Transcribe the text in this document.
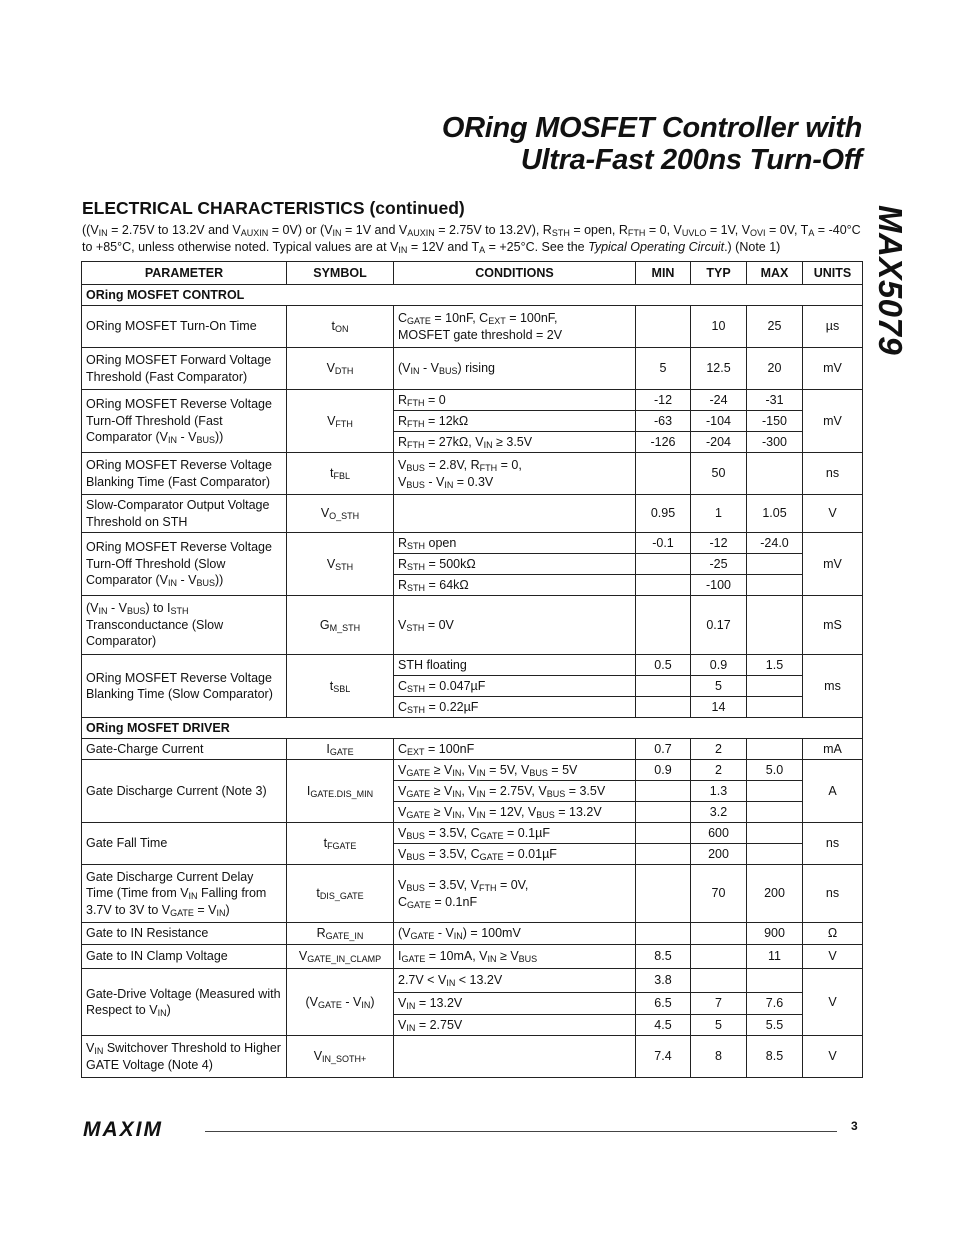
ORing MOSFET Controller with
Ultra-Fast 200ns Turn-Off
MAX5079
ELECTRICAL CHARACTERISTICS (continued)
(($V_{IN} = 2.75V$ to 13.2V and $V_{AUXIN} = 0V$) or ($V_{IN} = 1V$ and $V_{AUXIN} = 2.75V$ to 13.2V), $R_{STH}$ = open, $R_{FTH} = 0$, $V_{UVLO} = 1V$, $V_{OVI} = 0V$, $T_A = -40^\circ C$ to +85°C, unless otherwise noted. Typical values are at $V_{IN} = 12V$ and $T_A = +25^\circ C$. See the Typical Operating Circuit.) (Note 1)
PARAMETER	SYMBOL	CONDITIONS	MIN	TYP	MAX	UNITS
ORing MOSFET CONTROL						
ORing MOSFET Turn-On Time	$t_{ON}$	$C_{GATE} = 10nF$, $C_{EXT} = 100nF$,
MOSFET gate threshold = 2V		10	25	µs
ORing MOSFET Forward Voltage Threshold (Fast Comparator)	$V_{DTH}$	$(V_{IN} - V_{BUS})$ rising	5	12.5	20	mV
ORing MOSFET Reverse Voltage Turn-Off Threshold (Fast Comparator $(V_{IN} - V_{BUS})$)	$V_{FTH}$	$R_{FTH} = 0$	-12	-24	-31	mV
		$R_{FTH} = 12k\Omega$	-63	-104	-150	
		$R_{FTH} = 27k\Omega$, $V_{IN} \ge 3.5V$	-126	-204	-300	
ORing MOSFET Reverse Voltage Blanking Time (Fast Comparator)	$t_{FBL}$	$V_{BUS} = 2.8V$, $R_{FTH} = 0$,
$V_{BUS} - V_{IN} = 0.3V$		50		ns
Slow-Comparator Output Voltage Threshold on STH	$V_{O\_STH}$		0.95	1	1.05	V
ORing MOSFET Reverse Voltage Turn-Off Threshold (Slow Comparator $(V_{IN} - V_{BUS})$)	$V_{STH}$	$R_{STH}$ open	-0.1	-12	-24.0	mV
		$R_{STH} = 500k\Omega$		-25		
		$R_{STH} = 64k\Omega$		-100		
$(V_{IN} - V_{BUS})$ to $I_{STH}$ Transconductance (Slow Comparator)	$G_{M\_STH}$	$V_{STH} = 0V$		0.17		mS
ORing MOSFET Reverse Voltage Blanking Time (Slow Comparator)	$t_{SBL}$	STH floating	0.5	0.9	1.5	ms
		$C_{STH} = 0.047\mu F$		5		
		$C_{STH} = 0.22\mu F$		14		
ORing MOSFET DRIVER						
Gate-Charge Current	$I_{GATE}$	$C_{EXT} = 100nF$	0.7	2		mA
Gate Discharge Current (Note 3)	$I_{GATE.DIS\_MIN}$	$V_{GATE} \ge V_{IN}$, $V_{IN} = 5V$, $V_{BUS} = 5V$	0.9	2	5.0	A
		$V_{GATE} \ge V_{IN}$, $V_{IN} = 2.75V$, $V_{BUS} = 3.5V$		1.3		
		$V_{GATE} \ge V_{IN}$, $V_{IN} = 12V$, $V_{BUS} = 13.2V$		3.2		
Gate Fall Time	$t_{FGATE}$	$V_{BUS} = 3.5V$, $C_{GATE} = 0.1\mu F$		600		ns
		$V_{BUS} = 3.5V$, $C_{GATE} = 0.01\mu F$		200		
Gate Discharge Current Delay Time (Time from $V_{IN}$ Falling from 3.7V to 3V to $V_{GATE} = V_{IN}$)	$t_{DIS\_GATE}$	$V_{BUS} = 3.5V$, $V_{FTH} = 0V$,
$C_{GATE} = 0.1nF$		70	200	ns
Gate to IN Resistance	$R_{GATE\_IN}$	$(V_{GATE} - V_{IN}) = 100mV$			900	Ω
Gate to IN Clamp Voltage	$V_{GATE\_IN\_CLAMP}$	$I_{GATE} = 10mA$, $V_{IN} \ge V_{BUS}$	8.5		11	V
Gate-Drive Voltage (Measured with Respect to $V_{IN}$)	$(V_{GATE} - V_{IN})$	$2.7V < V_{IN} < 13.2V$	3.8			V
		$V_{IN} = 13.2V$	6.5	7	7.6	
		$V_{IN} = 2.75V$	4.5	5	5.5	
$V_{IN}$ Switchover Threshold to Higher GATE Voltage (Note 4)	$V_{IN\_SOTH+}$		7.4	8	8.5	V
MAXIM	3
